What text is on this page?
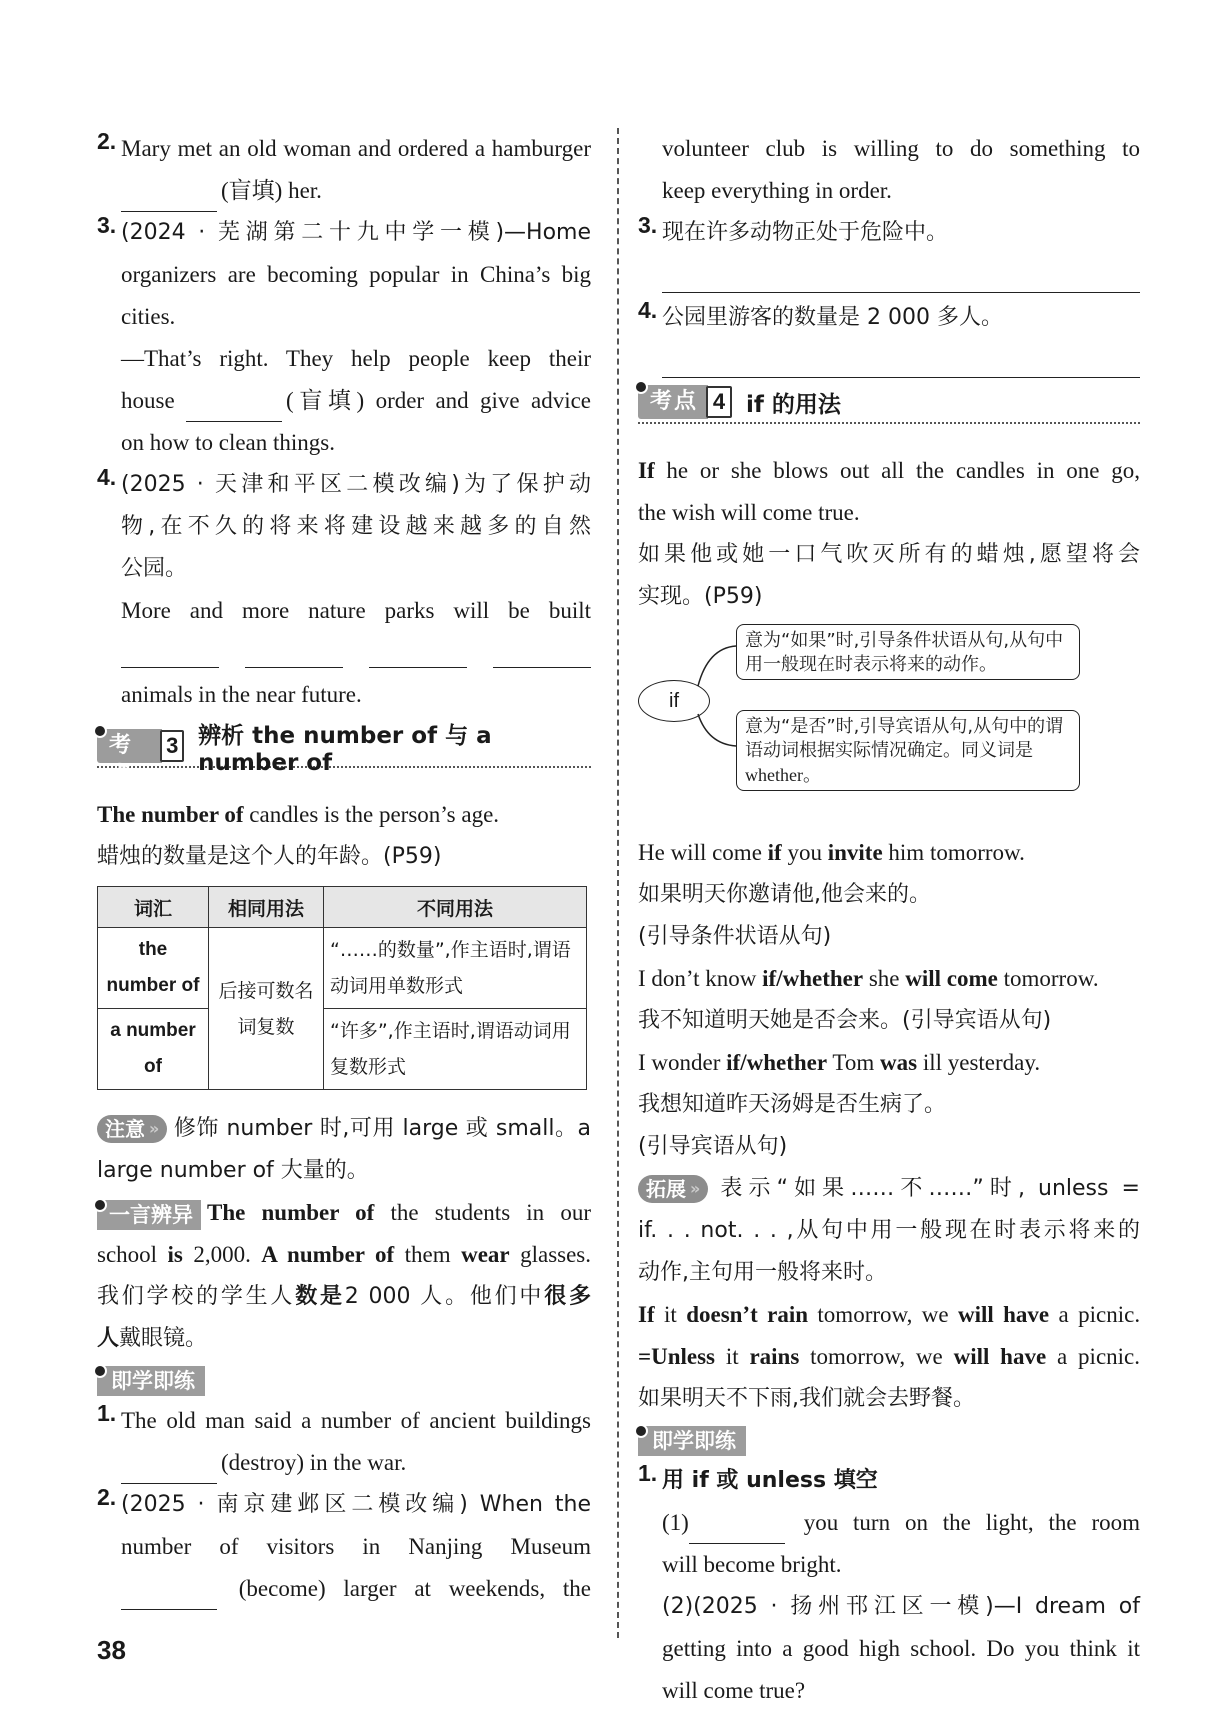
2. Mary met an old woman and ordered a hamburger

(盲填) her.

3. (2024 · 芜湖第二十九中学一模)—Home

organizers are becoming popular in China’s big

cities.

—That’s right. They help people keep their

house	(盲填) order and give advice

on how to clean things.

4. (2025 · 天津和平区二模改编)为了保护动

物,在不久的将来将建设越来越多的自然

公园。

More and more nature parks will be built

animals in the near future.

考点
3 辨析 the number of 与 a number of

The number of candles is the person’s age.

蜡烛的数量是这个人的年龄。(P59)

词汇	相同用法	不同用法
the number of	后接可数名词复数	“……的数量”,作主语时,谓语动词用单数形式
a number of		“许多”,作主语时,谓语动词用复数形式

注意 » 修饰 number 时,可用 large 或 small。a

large number of 大量的。

一言辨异 The number of the students in our

school is 2,000. A number of them wear glasses.

我们学校的学生人数是2 000 人。他们中很多

人戴眼镜。

即学即练
1. The old man said a number of ancient buildings

(destroy) in the war.

2. (2025 · 南京建邺区二模改编) When the

number of visitors in Nanjing Museum

(become) larger at weekends, the

volunteer club is willing to do something to

keep everything in order.

3. 现在许多动物正处于危险中。

4. 公园里游客的数量是 2 000 多人。

考点 4 if 的用法

If he or she blows out all the candles in one go,

the wish will come true.

如果他或她一口气吹灭所有的蜡烛,愿望将会

实现。(P59)

if
意为“如果”时,引导条件状语从句,从句中用一般现在时表示将来的动作。
意为“是否”时,引导宾语从句,从句中的谓语动词根据实际情况确定。同义词是whether。

He will come if you invite him tomorrow.

如果明天你邀请他,他会来的。

(引导条件状语从句)

I don’t know if/whether she will come tomorrow.

我不知道明天她是否会来。(引导宾语从句)

I wonder if/whether Tom was ill yesterday.

我想知道昨天汤姆是否生病了。

(引导宾语从句)

拓展 » 表示“如果……不……”时, unless =

if. . . not. . . ,从句中用一般现在时表示将来的

动作,主句用一般将来时。

If it doesn’t rain tomorrow, we will have a picnic.

=Unless it rains tomorrow, we will have a picnic.

如果明天不下雨,我们就会去野餐。

即学即练
1. 用 if 或 unless 填空

(1)	you turn on the light, the room

will become bright.

(2)(2025 · 扬州邗江区一模)—I dream of

getting into a good high school. Do you think it

will come true?

38
